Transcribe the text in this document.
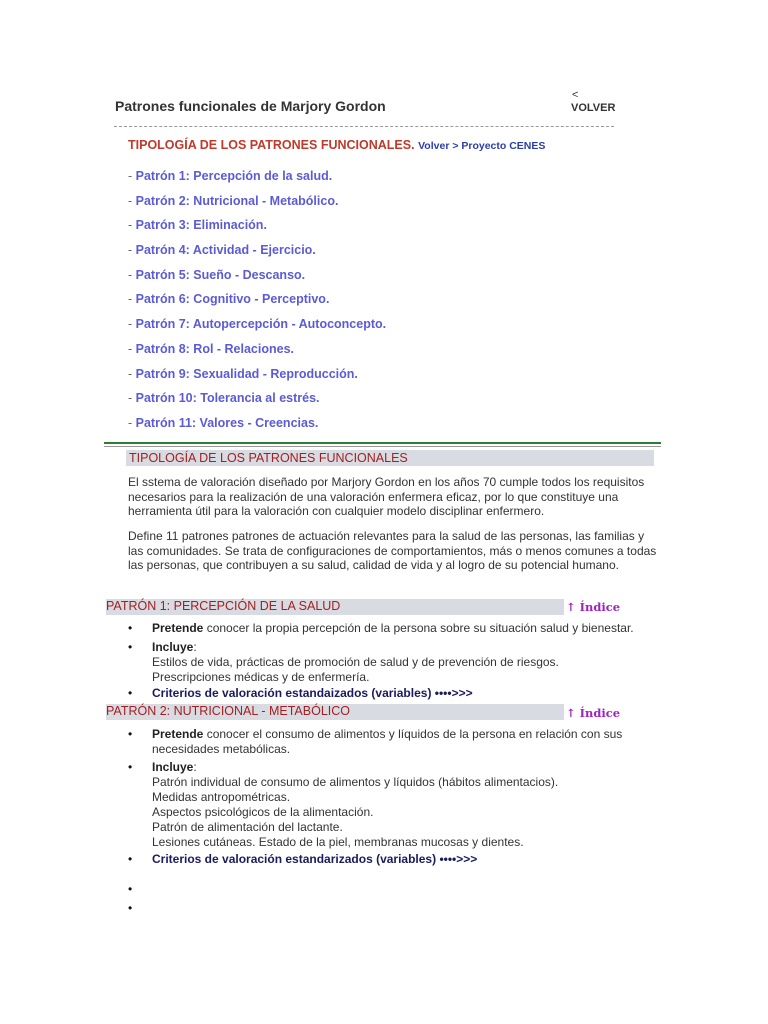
Patrones funcionales de Marjory Gordon
<
VOLVER
TIPOLOGÍA DE LOS PATRONES FUNCIONALES. Volver > Proyecto CENES
- Patrón 1: Percepción de la salud.
- Patrón 2: Nutricional - Metabólico.
- Patrón 3: Eliminación.
- Patrón 4: Actividad - Ejercicio.
- Patrón 5: Sueño - Descanso.
- Patrón 6: Cognitivo - Perceptivo.
- Patrón 7: Autopercepción - Autoconcepto.
- Patrón 8: Rol - Relaciones.
- Patrón 9: Sexualidad - Reproducción.
- Patrón 10: Tolerancia al estrés.
- Patrón 11: Valores - Creencias.
TIPOLOGÍA DE LOS PATRONES FUNCIONALES

El sstema de valoración diseñado por Marjory Gordon en los años 70 cumple todos los requisitos necesarios para la realización de una valoración enfermera eficaz, por lo que constituye una herramienta útil para la valoración con cualquier modelo disciplinar enfermero.

Define 11 patrones patrones de actuación relevantes para la salud de las personas, las familias y las comunidades. Se trata de configuraciones de comportamientos, más o menos comunes a todas las personas, que contribuyen a su salud, calidad de vida y al logro de su potencial humano.

PATRÓN 1: PERCEPCIÓN DE LA SALUD	↑ Índice
• Pretende conocer la propia percepción de la persona sobre su situación salud y bienestar.
• Incluye:
Estilos de vida, prácticas de promoción de salud y de prevención de riesgos.
Prescripciones médicas y de enfermería.
• Criterios de valoración estandaizados (variables) ••••>>>
PATRÓN 2: NUTRICIONAL - METABÓLICO	↑ Índice
• Pretende conocer el consumo de alimentos y líquidos de la persona en relación con sus necesidades metabólicas.
• Incluye:
Patrón individual de consumo de alimentos y líquidos (hábitos alimentacios).
Medidas antropométricas.
Aspectos psicológicos de la alimentación.
Patrón de alimentación del lactante.
Lesiones cutáneas. Estado de la piel, membranas mucosas y dientes.
• Criterios de valoración estandarizados (variables) ••••>>>
•
•
